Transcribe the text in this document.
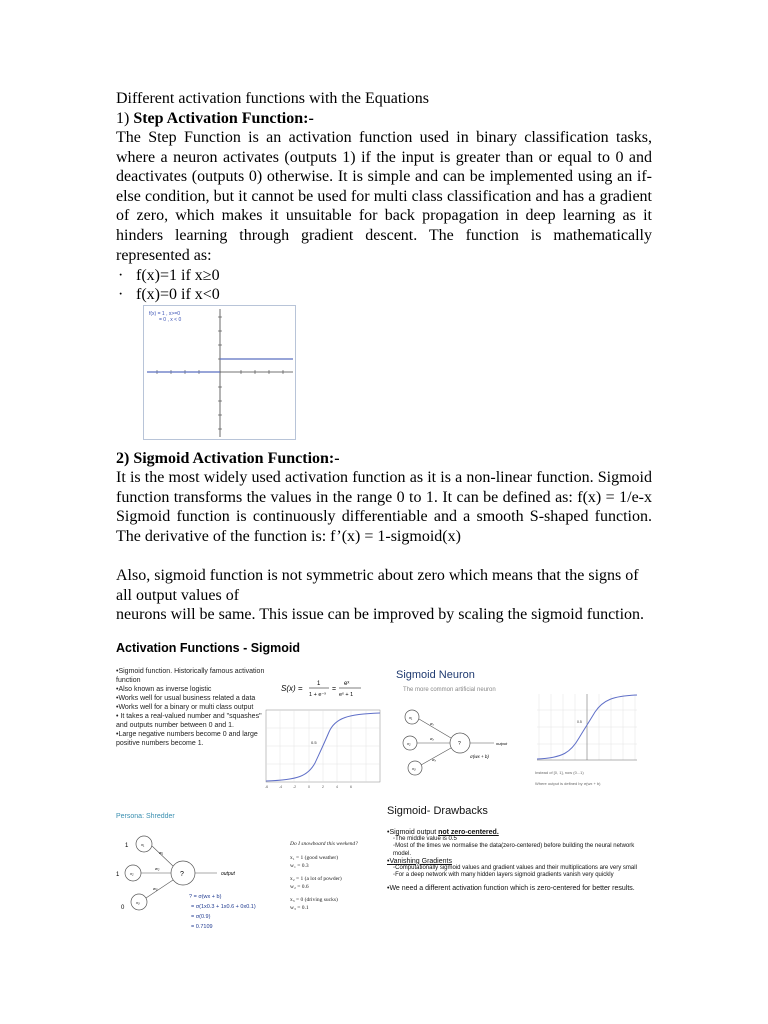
Different activation functions with the Equations
1) Step Activation Function:-
The Step Function is an activation function used in binary classification tasks, where a neuron activates (outputs 1) if the input is greater than or equal to 0 and deactivates (outputs 0) otherwise. It is simple and can be implemented using an if-else condition, but it cannot be used for multi class classification and has a gradient of zero, which makes it unsuitable for back propagation in deep learning as it hinders learning through gradient descent. The function is mathematically represented as:
· f(x)=1 if x≥0
· f(x)=0 if x<0
f(x) = 1 , x>=0
= 0 , x < 0
2) Sigmoid Activation Function:-
It is the most widely used activation function as it is a non-linear function. Sigmoid function transforms the values in the range 0 to 1. It can be defined as: f(x) = 1/e-x Sigmoid function is continuously differentiable and a smooth S-shaped function. The derivative of the function is: f’(x) = 1-sigmoid(x)
Also, sigmoid function is not symmetric about zero which means that the signs of all output values of
neurons will be same. This issue can be improved by scaling the sigmoid function.
Activation Functions - Sigmoid
•Sigmoid function. Historically famous activation function
•Also known as inverse logistic
•Works well for usual business related a data
•Works well for a binary or multi class output
• It takes a real-valued number and "squashes" and outputs number between 0 and 1.
•Large negative numbers become 0 and large positive numbers become 1.
S(x) = 1
1 + e⁻ˣ
=
eˣ
eˣ + 1
0.5
-6	-4	-2	0	2	4	6
Sigmoid Neuron
The more common artificial neuron
x₁
x₂
x₃
?	output
σ(wx + b)
w₁
w₂
w₃
0.5
Instead of [0, 1], now (0...1)
Where output is defined by σ(wx + b)
Persona: Shredder
1
1
0
x₁
x₂
x₃
?	output
w₁
w₂
w₃
? = σ(wx + b)
= σ(1x0.3 + 1x0.6 + 0x0.1)
= σ(0.9)
= 0.7109
Do I snowboard this weekend?
x₁ = 1 (good weather)
w₁ = 0.3
x₂ = 1 (a lot of powder)
w₂ = 0.6
x₃ = 0 (driving sucks)
w₃ = 0.1
Sigmoid- Drawbacks
•Sigmoid output not zero-centered.
◦The middle value is 0.5
◦Most of the times we normalise the data(zero-centered) before building the neural network model.
•Vanishing Gradients
◦Computationally sigmoid values and gradient values and their multiplications are very small
◦For a deep network with many hidden layers sigmoid gradients vanish very quickly
•We need a different activation function which is zero-centered for better results.
